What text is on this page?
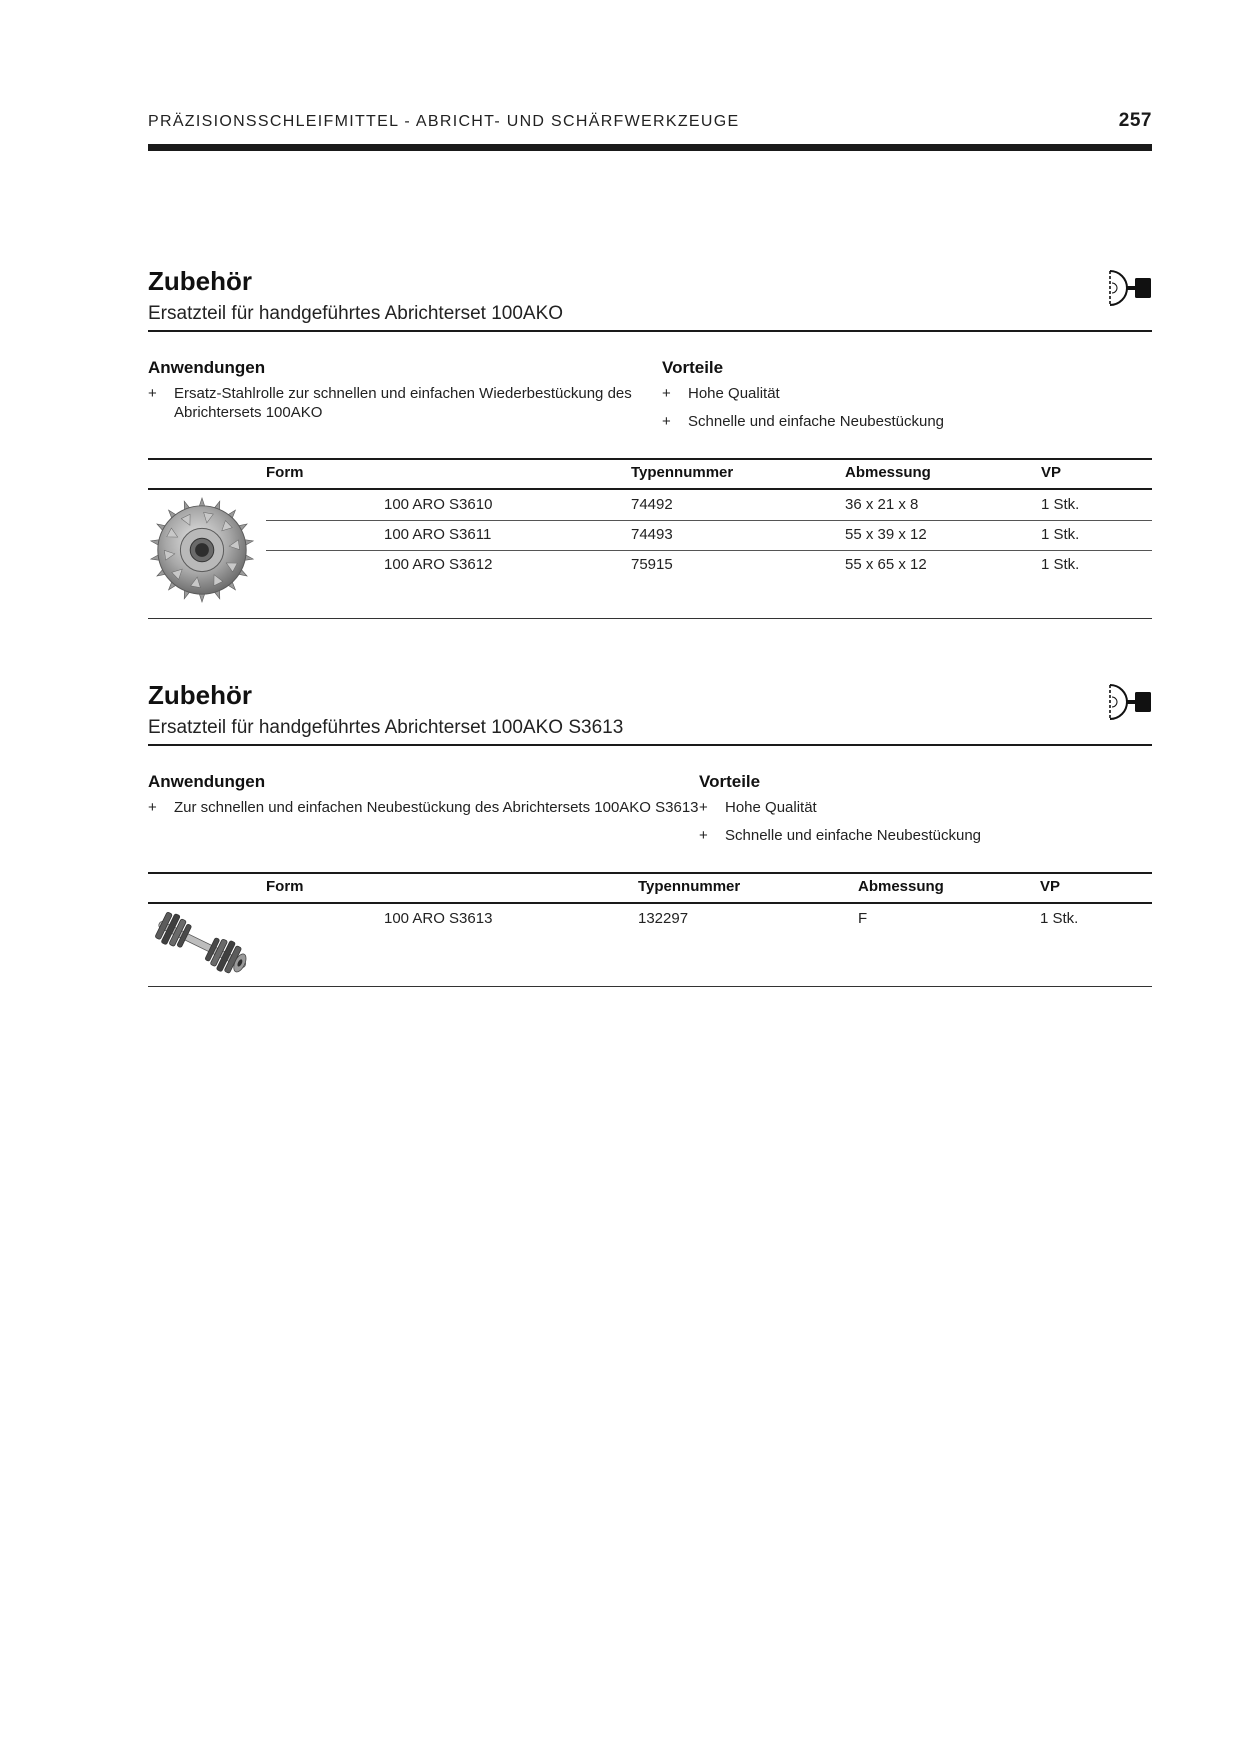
PRÄZISIONSSCHLEIFMITTEL - ABRICHT- UND SCHÄRFWERKZEUGE	257
Zubehör
Ersatzteil für handgeführtes Abrichterset 100AKO
Anwendungen
+ Ersatz-Stahlrolle zur schnellen und einfachen Wiederbestückung des Abrichtersets 100AKO
Vorteile
+ Hohe Qualität
+ Schnelle und einfache Neubestückung
Form	Typennummer	Abmessung	VP
100 ARO S3610	74492	36 x 21 x 8	1 Stk.
100 ARO S3611	74493	55 x 39 x 12	1 Stk.
100 ARO S3612	75915	55 x 65 x 12	1 Stk.
Zubehör
Ersatzteil für handgeführtes Abrichterset 100AKO S3613
Anwendungen
+ Zur schnellen und einfachen Neubestückung des Abrichtersets 100AKO S3613
Vorteile
+ Hohe Qualität
+ Schnelle und einfache Neubestückung
Form	Typennummer	Abmessung	VP
100 ARO S3613	132297	F	1 Stk.
